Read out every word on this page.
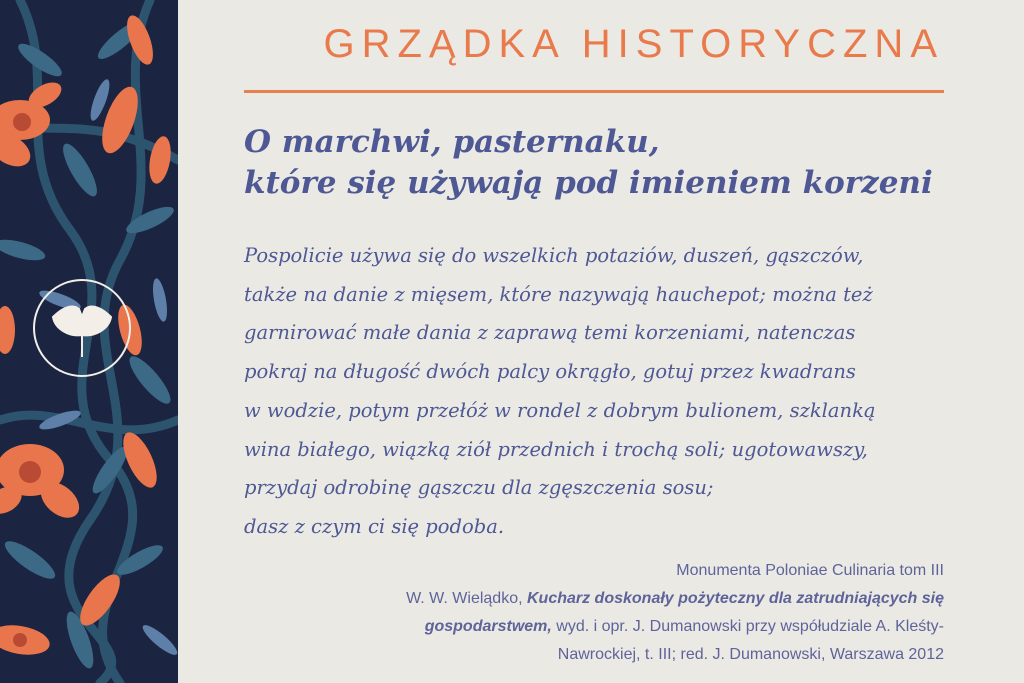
GRZĄDKA HISTORYCZNA
O marchwi, pasternaku,
które się używają pod imieniem korzeni
Pospolicie używa się do wszelkich potaziów, duszeń, gąszczów,
także na danie z mięsem, które nazywają hauchepot; można też
garnirować małe dania z zaprawą temi korzeniami, natenczas
pokraj na długość dwóch palcy okrągło, gotuj przez kwadrans
w wodzie, potym przełóż w rondel z dobrym bulionem, szklanką
wina białego, wiązką ziół przednich i trochą soli; ugotowawszy,
przydaj odrobinę gąszczu dla zgęszczenia sosu;
dasz z czym ci się podoba.
Monumenta Poloniae Culinaria tom III
W. W. Wielądko, Kucharz doskonały pożyteczny dla zatrudniających się
gospodarstwem, wyd. i opr. J. Dumanowski przy współudziale A. Kleśty-
Nawrockiej, t. III; red. J. Dumanowski, Warszawa 2012
